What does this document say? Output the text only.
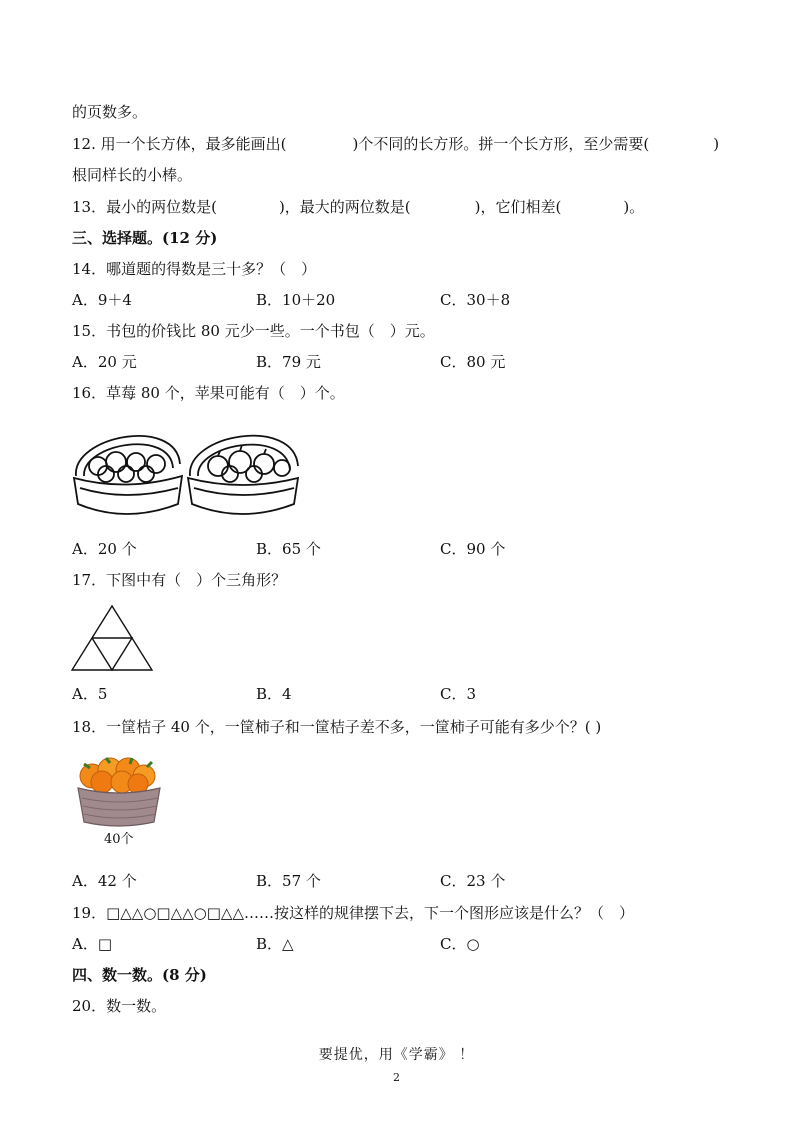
的页数多。
12. 用一个长方体，最多能画出(	)个不同的长方形。拼一个长方形，至少需要(	)
根同样长的小棒。
13．最小的两位数是(	)，最大的两位数是(	)，它们相差(	)。
三、选择题。(12 分)
14．哪道题的得数是三十多？（　）
A．9＋4	B．10＋20	C．30＋8
15．书包的价钱比 80 元少一些。一个书包（　）元。
A．20 元	B．79 元	C．80 元
16．草莓 80 个，苹果可能有（　）个。
A．20 个	B．65 个	C．90 个
17．下图中有（　）个三角形？
A．5	B．4	C．3
18．一筐桔子 40 个，一筐柿子和一筐桔子差不多，一筐柿子可能有多少个？( )
40个
A．42 个	B．57 个	C．23 个
19．□△△○□△△○□△△……按这样的规律摆下去，下一个图形应该是什么？（　）
A．□	B．△	C．○
四、数一数。(8 分)
20．数一数。
要提优，用《学霸》 ！
2
